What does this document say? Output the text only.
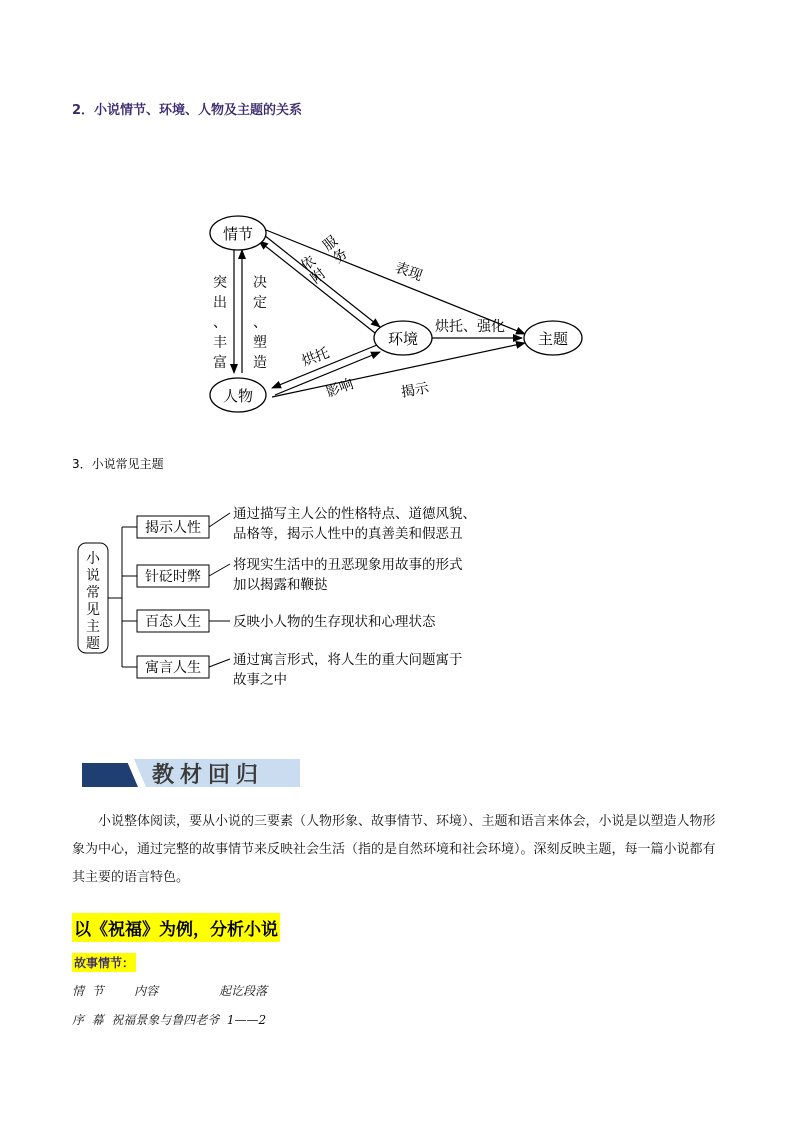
2．小说情节、环境、人物及主题的关系
情节
环境
人物
主题
表现
烘托、强化
烘托
影响	揭示
突出、丰富
决定、塑造
服务
依附
3．小说常见主题
小说常见主题
揭示人性
针砭时弊
百态人生
寓言人生
通过描写主人公的性格特点、道德风貌、
品格等，揭示人性中的真善美和假恶丑
将现实生活中的丑恶现象用故事的形式
加以揭露和鞭挞
反映小人物的生存现状和心理状态
通过寓言形式，将人生的重大问题寓于
故事之中
教材回归
小说整体阅读，要从小说的三要素（人物形象、故事情节、环境）、主题和语言来体会，小说是以塑造人物形象为中心，通过完整的故事情节来反映社会生活（指的是自然环境和社会环境）。深刻反映主题，每一篇小说都有其主要的语言特色。
以《祝福》为例，分析小说
故事情节：
情  节        内容                起讫段落
序  幕  祝福景象与鲁四老爷  1——2
